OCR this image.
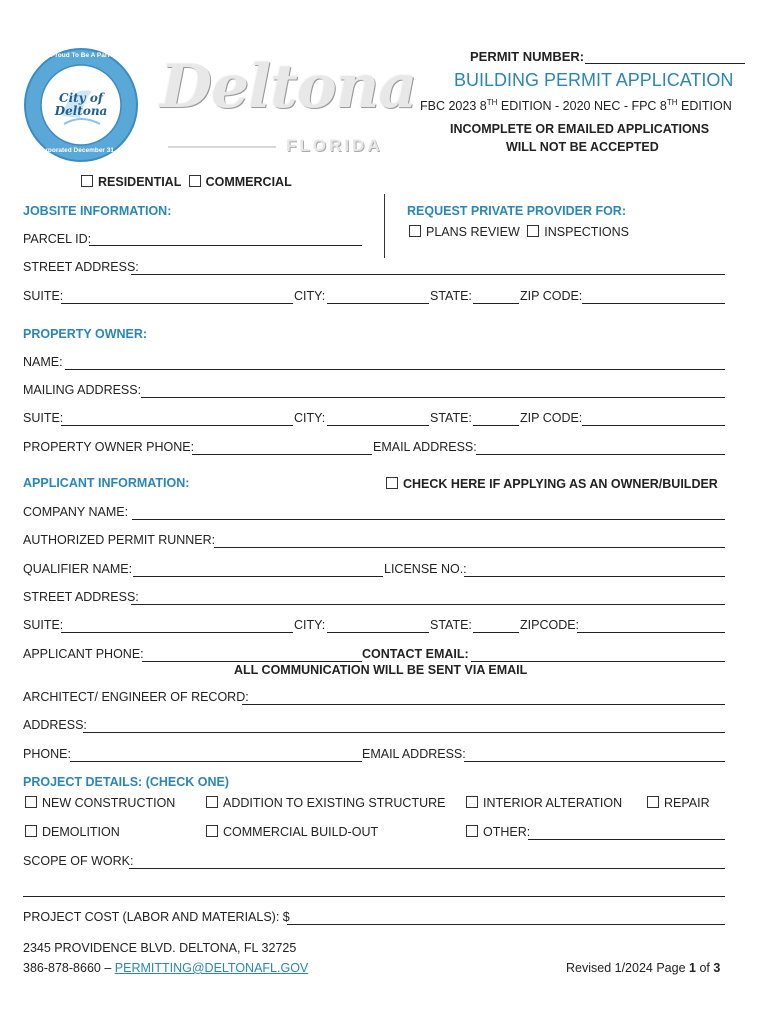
City of Deltona
I'm Proud To Be A Part Of It
Incorporated December 31, 1995
Deltona
FLORIDA
PERMIT NUMBER:
BUILDING PERMIT APPLICATION
FBC 2023 8TH EDITION - 2020 NEC - FPC 8TH EDITION
INCOMPLETE OR EMAILED APPLICATIONS
WILL NOT BE ACCEPTED
RESIDENTIAL COMMERCIAL
JOBSITE INFORMATION:
PARCEL ID:
REQUEST PRIVATE PROVIDER FOR:
PLANS REVIEW INSPECTIONS
STREET ADDRESS:
SUITE:	CITY:	STATE:	ZIP CODE:
PROPERTY OWNER:
NAME:
MAILING ADDRESS:
SUITE:	CITY:	STATE:	ZIP CODE:
PROPERTY OWNER PHONE:	EMAIL ADDRESS:
APPLICANT INFORMATION:	CHECK HERE IF APPLYING AS AN OWNER/BUILDER
COMPANY NAME:
AUTHORIZED PERMIT RUNNER:
QUALIFIER NAME:	LICENSE NO.:
STREET ADDRESS:
SUITE:	CITY:	STATE:	ZIPCODE:
APPLICANT PHONE:	CONTACT EMAIL:
ALL COMMUNICATION WILL BE SENT VIA EMAIL
ARCHITECT/ ENGINEER OF RECORD:
ADDRESS:
PHONE:	EMAIL ADDRESS:
PROJECT DETAILS: (CHECK ONE)
NEW CONSTRUCTION	ADDITION TO EXISTING STRUCTURE	INTERIOR ALTERATION	REPAIR
DEMOLITION	COMMERCIAL BUILD-OUT	OTHER:
SCOPE OF WORK:
PROJECT COST (LABOR AND MATERIALS): $
2345 PROVIDENCE BLVD. DELTONA, FL 32725
386-878-8660 – PERMITTING@DELTONAFL.GOV	Revised 1/2024 Page 1 of 3
